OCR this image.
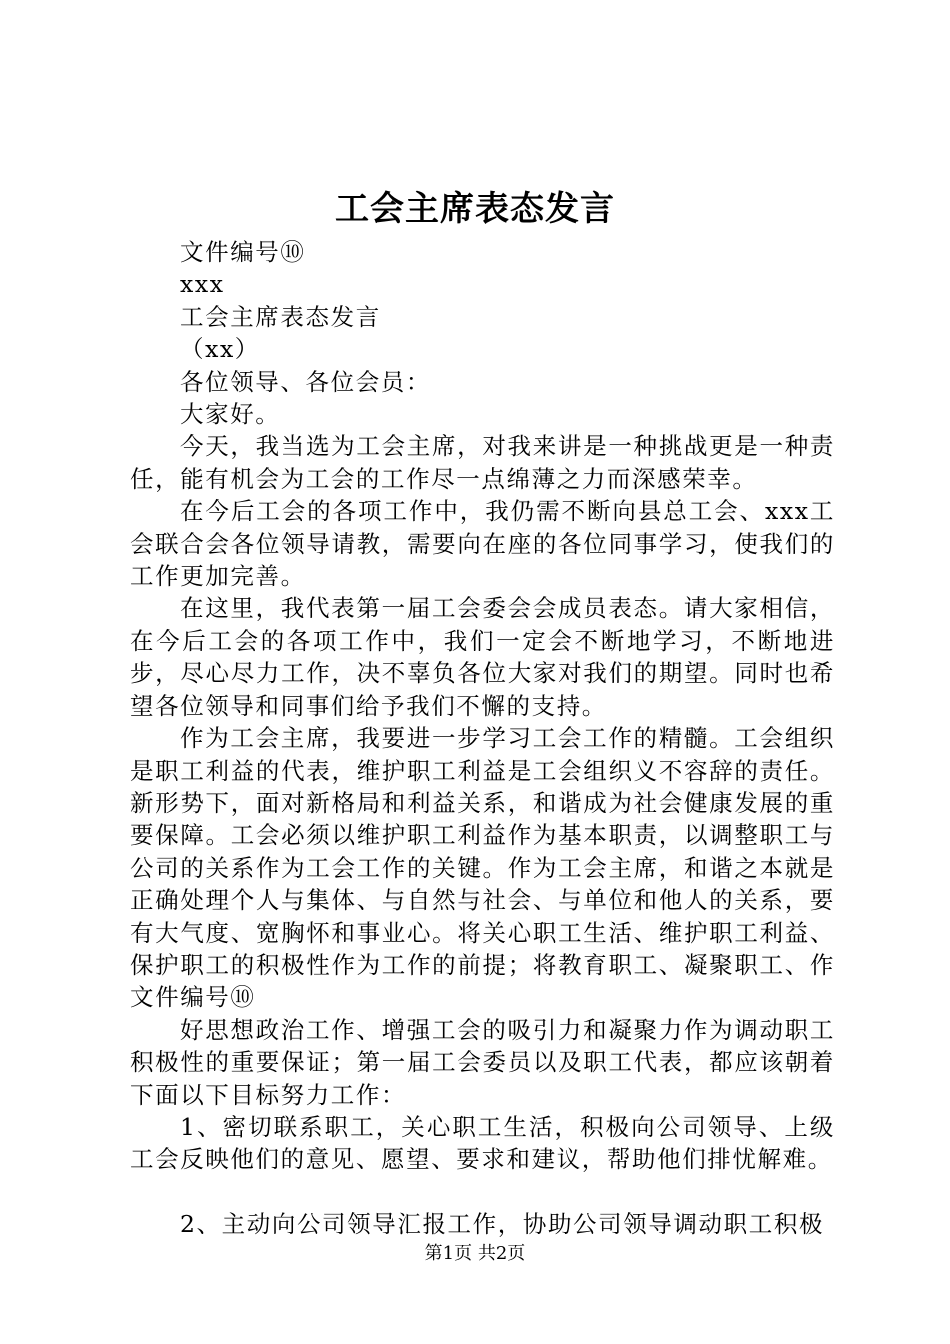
工会主席表态发言

文件编号⑩

xxx

工会主席表态发言

（xx）

各位领导、各位会员：

大家好。

今天，我当选为工会主席，对我来讲是一种挑战更是一种责任，能有机会为工会的工作尽一点绵薄之力而深感荣幸。

在今后工会的各项工作中，我仍需不断向县总工会、xxx工会联合会各位领导请教，需要向在座的各位同事学习，使我们的工作更加完善。

在这里，我代表第一届工会委会会成员表态。请大家相信，在今后工会的各项工作中，我们一定会不断地学习，不断地进步，尽心尽力工作，决不辜负各位大家对我们的期望。同时也希望各位领导和同事们给予我们不懈的支持。

作为工会主席，我要进一步学习工会工作的精髓。工会组织是职工利益的代表，维护职工利益是工会组织义不容辞的责任。新形势下，面对新格局和利益关系，和谐成为社会健康发展的重要保障。工会必须以维护职工利益作为基本职责，以调整职工与公司的关系作为工会工作的关键。作为工会主席，和谐之本就是正确处理个人与集体、与自然与社会、与单位和他人的关系，要有大气度、宽胸怀和事业心。将关心职工生活、维护职工利益、保护职工的积极性作为工作的前提；将教育职工、凝聚职工、作文件编号⑩

好思想政治工作、增强工会的吸引力和凝聚力作为调动职工积极性的重要保证；第一届工会委员以及职工代表，都应该朝着下面以下目标努力工作：

1、密切联系职工，关心职工生活，积极向公司领导、上级工会反映他们的意见、愿望、要求和建议，帮助他们排忧解难。

2、主动向公司领导汇报工作，协助公司领导调动职工积极

第1页 共2页
